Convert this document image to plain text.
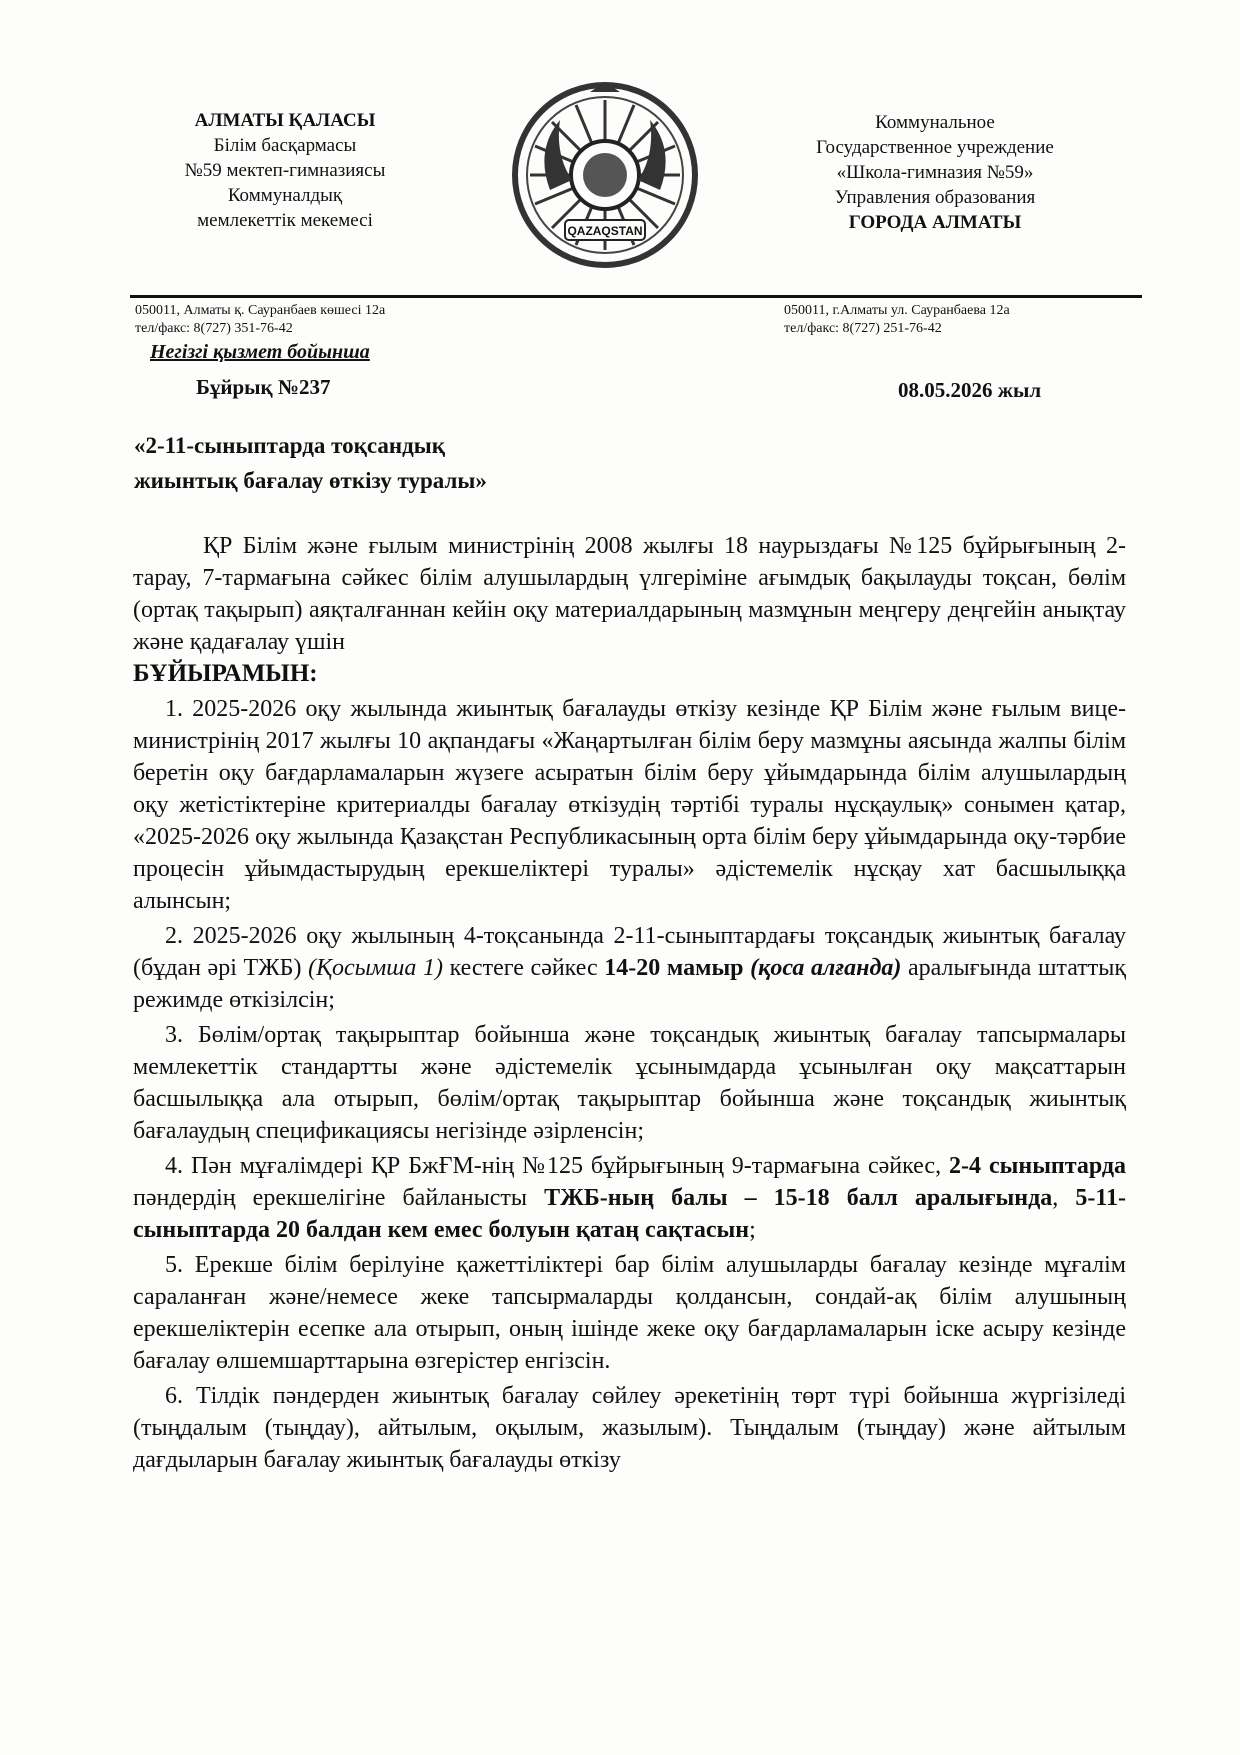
АЛМАТЫ ҚАЛАСЫ
Білім басқармасы
№59 мектеп-гимназиясы
Коммуналдық
мемлекеттік мекемесі	QAZAQSTAN
Коммунальное
Государственное учреждение
«Школа-гимназия №59»
Управления образования
ГОРОДА АЛМАТЫ
050011, Алматы қ. Сауранбаев көшесі 12а
тел/факс: 8(727) 351-76-42
050011, г.Алматы ул. Сауранбаева 12а
тел/факс: 8(727) 251-76-42
Негізгі қызмет бойынша
Бұйрық №237	08.05.2026 жыл
«2-11-сыныптарда тоқсандық
жиынтық бағалау өткізу туралы»

ҚР Білім және ғылым министрінің 2008 жылғы 18 наурыздағы №125 бұйрығының 2-тарау, 7-тармағына сәйкес білім алушылардың үлгеріміне ағымдық бақылауды тоқсан, бөлім (ортақ тақырып) аяқталғаннан кейін оқу материалдарының мазмұнын меңгеру деңгейін анықтау және қадағалау үшін

БҰЙЫРАМЫН:

1. 2025-2026 оқу жылында жиынтық бағалауды өткізу кезінде ҚР Білім және ғылым вице-министрінің 2017 жылғы 10 ақпандағы «Жаңартылған білім беру мазмұны аясында жалпы білім беретін оқу бағдарламаларын жүзеге асыратын білім беру ұйымдарында білім алушылардың оқу жетістіктеріне критериалды бағалау өткізудің тәртібі туралы нұсқаулық» сонымен қатар, «2025-2026 оқу жылында Қазақстан Республикасының орта білім беру ұйымдарында оқу-тәрбие процесін ұйымдастырудың ерекшеліктері туралы» әдістемелік нұсқау хат басшылыққа алынсын;

2. 2025-2026 оқу жылының 4-тоқсанында 2-11-сыныптардағы тоқсандық жиынтық бағалау (бұдан әрі ТЖБ) (Қосымша 1) кестеге сәйкес 14-20 мамыр (қоса алғанда) аралығында штаттық режимде өткізілсін;

3. Бөлім/ортақ тақырыптар бойынша және тоқсандық жиынтық бағалау тапсырмалары мемлекеттік стандартты және әдістемелік ұсынымдарда ұсынылған оқу мақсаттарын басшылыққа ала отырып, бөлім/ортақ тақырыптар бойынша және тоқсандық жиынтық бағалаудың спецификациясы негізінде әзірленсін;

4. Пән мұғалімдері ҚР БжҒМ-нің №125 бұйрығының 9-тармағына сәйкес, 2-4 сыныптарда пәндердің ерекшелігіне байланысты ТЖБ-ның балы – 15-18 балл аралығында, 5-11-сыныптарда 20 балдан кем емес болуын қатаң сақтасын;

5. Ерекше білім берілуіне қажеттіліктері бар білім алушыларды бағалау кезінде мұғалім сараланған және/немесе жеке тапсырмаларды қолдансын, сондай-ақ білім алушының ерекшеліктерін есепке ала отырып, оның ішінде жеке оқу бағдарламаларын іске асыру кезінде бағалау өлшемшарттарына өзгерістер енгізсін.

6. Тілдік пәндерден жиынтық бағалау сөйлеу әрекетінің төрт түрі бойынша жүргізіледі (тыңдалым (тыңдау), айтылым, оқылым, жазылым). Тыңдалым (тыңдау) және айтылым дағдыларын бағалау жиынтық бағалауды өткізу
